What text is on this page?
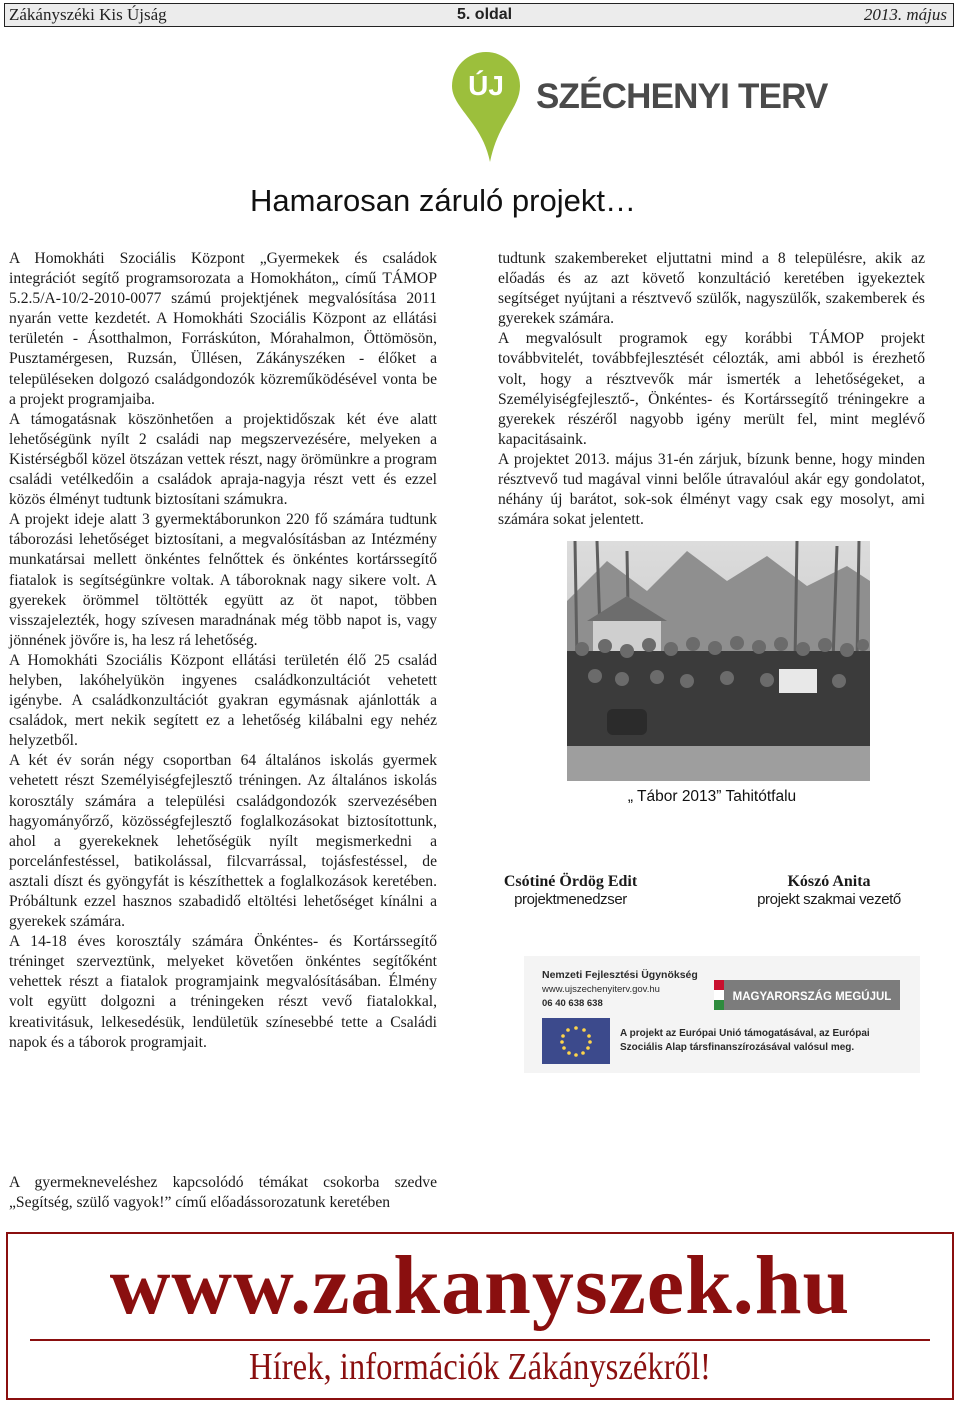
Zákányszéki Kis Újság	5. oldal	2013. május
ÚJ SZÉCHENYI TERV
Hamarosan záruló projekt…

A Homokháti Szociális Központ „Gyermekek és családok integrációt segítő programsorozata a Homokháton„ című TÁMOP 5.2.5/A-10/2-2010-0077 számú projektjének megvalósítása 2011 nyarán vette kezdetét. A Homokháti Szociális Központ az ellátási területén - Ásotthalmon, Forráskúton, Mórahalmon, Öttömösön, Pusztamérgesen, Ruzsán, Üllésen, Zákányszéken - élőket a településeken dolgozó családgondozók közreműködésével vonta be a projekt programjaiba.

A támogatásnak köszönhetően a projektidőszak két éve alatt lehetőségünk nyílt 2 családi nap megszervezésére, melyeken a Kistérségből közel ötszázan vettek részt, nagy örömünkre a program családi vetélkedőin a családok apraja-nagyja részt vett és ezzel közös élményt tudtunk biztosítani számukra.

A projekt ideje alatt 3 gyermektáborunkon 220 fő számára tudtunk táborozási lehetőséget biztosítani, a megvalósításban az Intézmény munkatársai mellett önkéntes felnőttek és önkéntes kortárssegítő fiatalok is segítségünkre voltak. A táboroknak nagy sikere volt. A gyerekek örömmel töltötték együtt az öt napot, többen visszajelezték, hogy szívesen maradnának még több napot is, vagy jönnének jövőre is, ha lesz rá lehetőség.

A Homokháti Szociális Központ ellátási területén élő 25 család helyben, lakóhelyükön ingyenes családkonzultációt vehetett igénybe. A családkonzultációt gyakran egymásnak ajánlották a családok, mert nekik segített ez a lehetőség kilábalni egy nehéz helyzetből.

A két év során négy csoportban 64 általános iskolás gyermek vehetett részt Személyiségfejlesztő tréningen. Az általános iskolás korosztály számára a települési családgondozók szervezésében hagyományőrző, közösségfejlesztő foglalkozásokat biztosítottunk, ahol a gyerekeknek lehetőségük nyílt megismerkedni a porcelánfestéssel, batikolással, filcvarrással, tojásfestéssel, de asztali díszt és gyöngyfát is készíthettek a foglalkozások keretében. Próbáltunk ezzel hasznos szabadidő eltöltési lehetőséget kínálni a gyerekek számára.

A 14-18 éves korosztály számára Önkéntes- és Kortárssegítő tréninget szerveztünk, melyeket követően önkéntes segítőként vehettek részt a fiatalok programjaink megvalósításában. Élmény volt együtt dolgozni a tréningeken részt vevő fiatalokkal, kreativitásuk, lelkesedésük, lendületük színesebbé tette a Családi napok és a táborok programjait.

A gyermekneveléshez kapcsolódó témákat csokorba szedve „Segítség, szülő vagyok!” című előadássorozatunk keretében

tudtunk szakembereket eljuttatni mind a 8 településre, akik az előadás és az azt követő konzultáció keretében igyekeztek segítséget nyújtani a résztvevő szülők, nagyszülők, szakemberek és gyerekek számára.

A megvalósult programok egy korábbi TÁMOP projekt továbbvitelét, továbbfejlesztését célozták, ami abból is érezhető volt, hogy a résztvevők már ismerték a lehetőségeket, a Személyiségfejlesztő-, Önkéntes- és Kortárssegítő tréningekre a gyerekek részéről nagyobb igény merült fel, mint meglévő kapacitásaink.

A projektet 2013. május 31-én zárjuk, bízunk benne, hogy minden résztvevő tud magával vinni belőle útravalóul akár egy gondolatot, néhány új barátot, sok-sok élményt vagy csak egy mosolyt, ami számára sokat jelentett.

„ Tábor 2013” Tahitótfalu
Csótiné Ördög Edit
projektmenedzser
Kószó Anita
projekt szakmai vezető
Nemzeti Fejlesztési Ügynökség
www.ujszechenyiterv.gov.hu
06 40 638 638
MAGYARORSZÁG MEGÚJUL
A projekt az Európai Unió támogatásával, az Európai
Szociális Alap társfinanszírozásával valósul meg.
www.zakanyszek.hu
Hírek, információk Zákányszékről!
